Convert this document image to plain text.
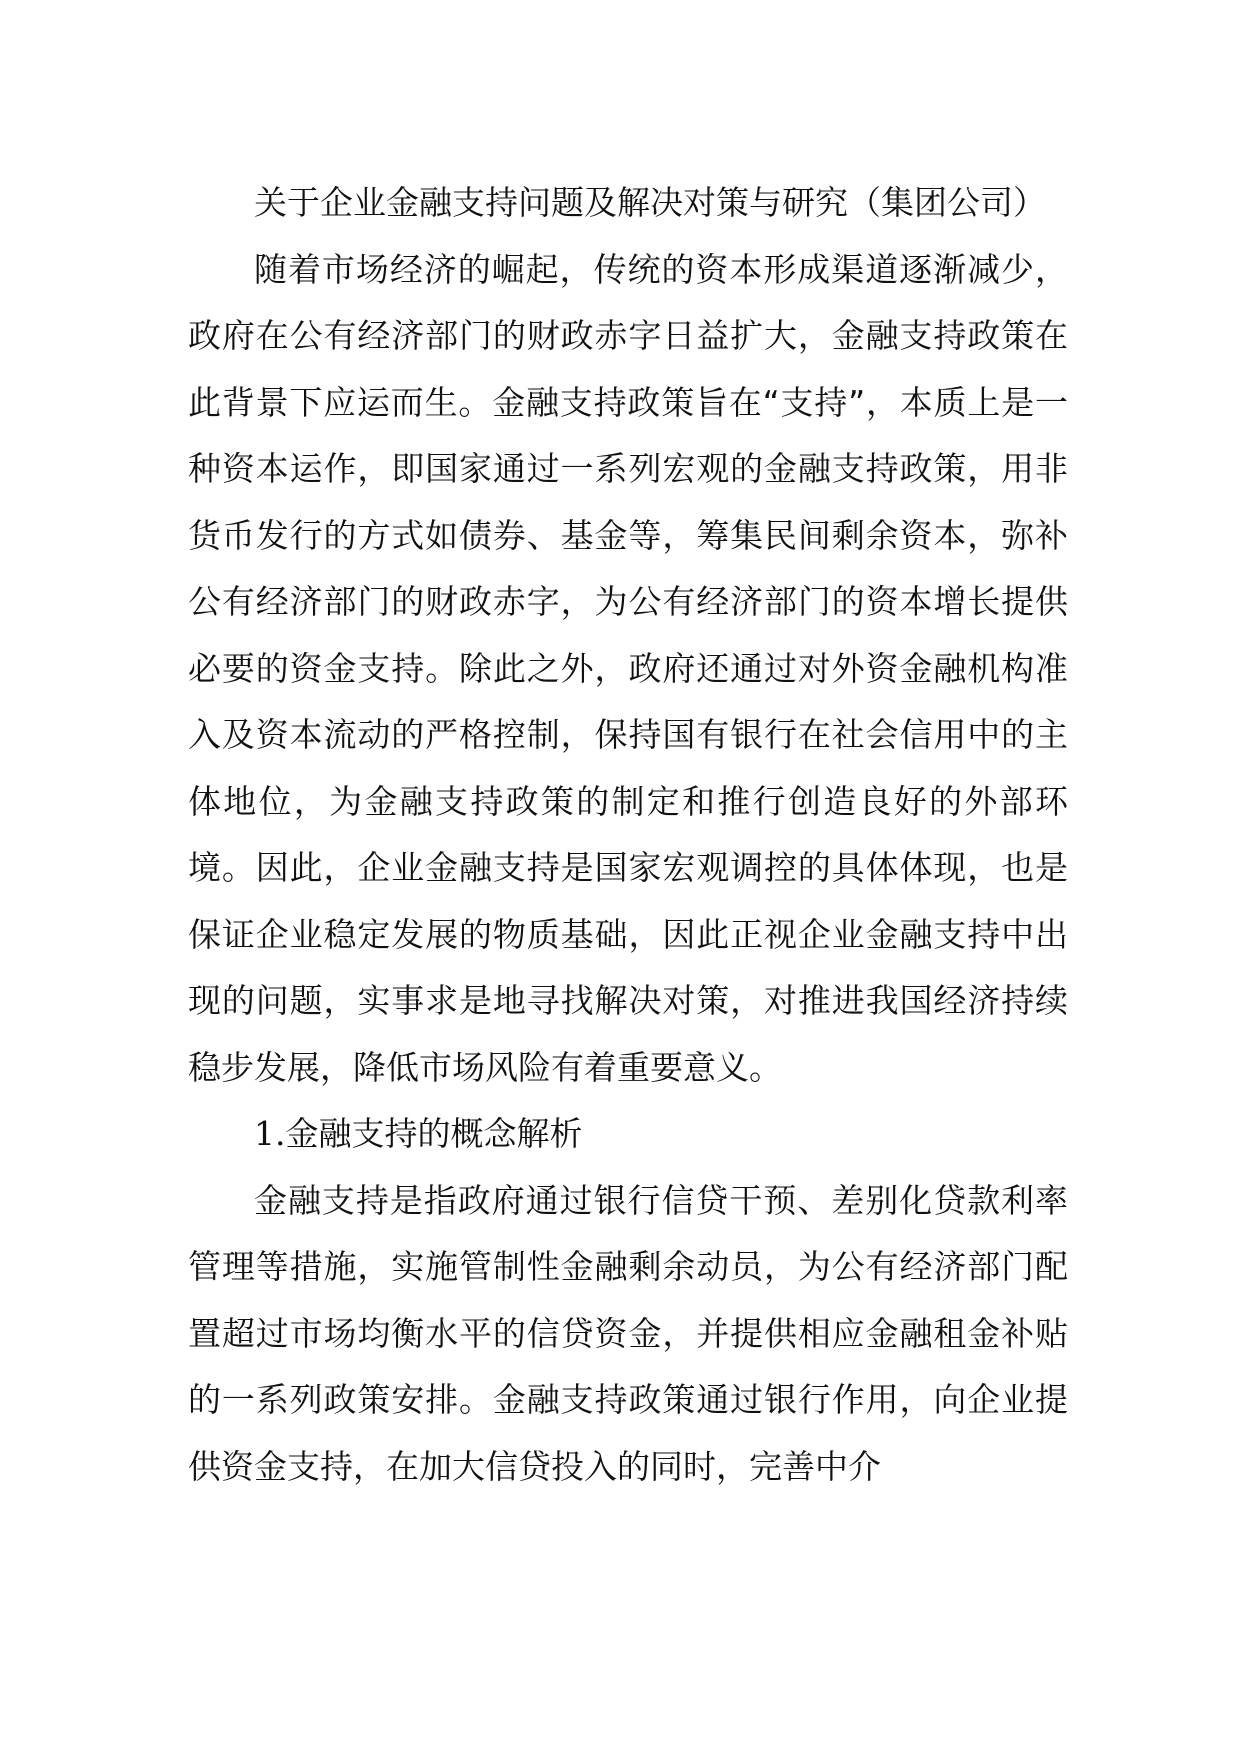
关于企业金融支持问题及解决对策与研究（集团公司）

随着市场经济的崛起，传统的资本形成渠道逐渐减少，政府在公有经济部门的财政赤字日益扩大，金融支持政策在此背景下应运而生。金融支持政策旨在“支持”，本质上是一种资本运作，即国家通过一系列宏观的金融支持政策，用非货币发行的方式如债券、基金等，筹集民间剩余资本，弥补公有经济部门的财政赤字，为公有经济部门的资本增长提供必要的资金支持。除此之外，政府还通过对外资金融机构准入及资本流动的严格控制，保持国有银行在社会信用中的主体地位，为金融支持政策的制定和推行创造良好的外部环境。因此，企业金融支持是国家宏观调控的具体体现，也是保证企业稳定发展的物质基础，因此正视企业金融支持中出现的问题，实事求是地寻找解决对策，对推进我国经济持续稳步发展，降低市场风险有着重要意义。

1.金融支持的概念解析

金融支持是指政府通过银行信贷干预、差别化贷款利率管理等措施，实施管制性金融剩余动员，为公有经济部门配置超过市场均衡水平的信贷资金，并提供相应金融租金补贴的一系列政策安排。金融支持政策通过银行作用，向企业提供资金支持，在加大信贷投入的同时，完善中介
